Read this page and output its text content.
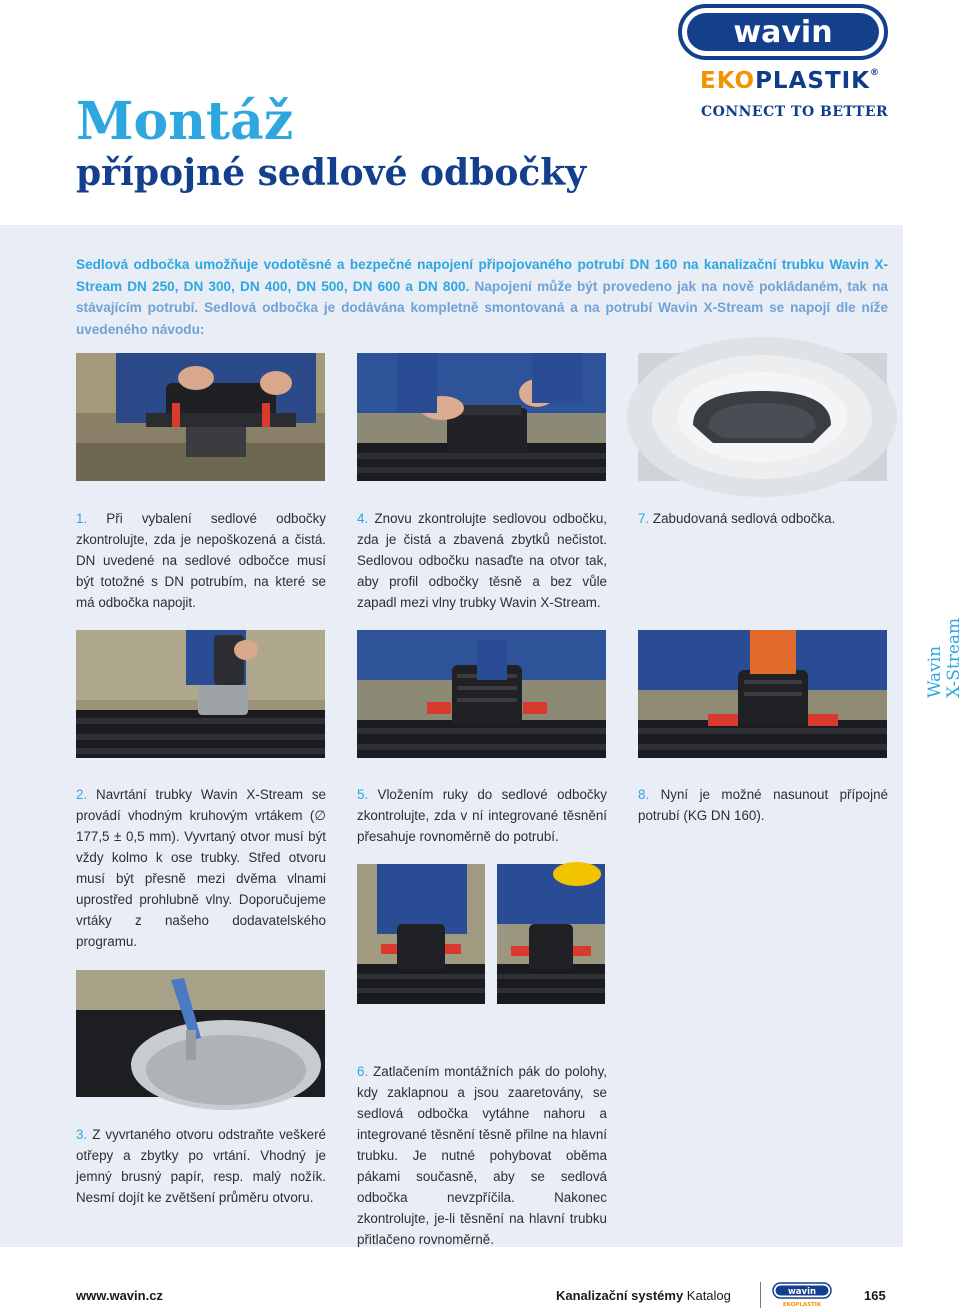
wavin
EKOPLASTIK®
CONNECT TO BETTER
Montáž
přípojné sedlové odbočky

Sedlová odbočka umožňuje vodotěsné a bezpečné napojení připojovaného potrubí DN 160 na kanalizační trubku Wavin X-Stream DN 250, DN 300, DN 400, DN 500, DN 600 a DN 800. Napojení může být provedeno jak na nově pokládaném, tak na stávajícím potrubí. Sedlová odbočka je dodávána kompletně smontovaná a na potrubí Wavin X-Stream se napojí dle níže uvedeného návodu:

1. Při vybalení sedlové odbočky zkontrolujte, zda je nepoškozená a čistá. DN uvedené na sedlové odbočce musí být totožné s DN potrubím, na které se má odbočka napojit.
4. Znovu zkontrolujte sedlovou odbočku, zda je čistá a zbavená zbytků nečistot. Sedlovou odbočku nasaďte na otvor tak, aby profil odbočky těsně a bez vůle zapadl mezi vlny trubky Wavin X-Stream.
7. Zabudovaná sedlová odbočka.
Wavin
X-Stream
2. Navrtání trubky Wavin X-Stream se provádí vhodným kruhovým vrtákem (∅ 177,5 ± 0,5 mm). Vyvrtaný otvor musí být vždy kolmo k ose trubky. Střed otvoru musí být přesně mezi dvěma vlnami uprostřed prohlubně vlny. Doporučujeme vrtáky z našeho dodavatelského programu.
5. Vložením ruky do sedlové odbočky zkontrolujte, zda v ní integrované těsnění přesahuje rovnoměrně do potrubí.
8. Nyní je možné nasunout přípojné potrubí (KG DN 160).
6. Zatlačením montážních pák do polohy, kdy zaklapnou a jsou zaaretovány, se sedlová odbočka vytáhne nahoru a integrované těsnění těsně přilne na hlavní trubku. Je nutné pohybovat oběma pákami současně, aby se sedlová odbočka nevzpříčila. Nakonec zkontrolujte, je-li těsnění na hlavní trubku přitlačeno rovnoměrně.
3. Z vyvrtaného otvoru odstraňte veškeré otřepy a zbytky po vrtání. Vhodný je jemný brusný papír, resp. malý nožík. Nesmí dojít ke zvětšení průměru otvoru.
www.wavin.cz	Kanalizační systémy Katalog	wavin
EKOPLASTIK
165
